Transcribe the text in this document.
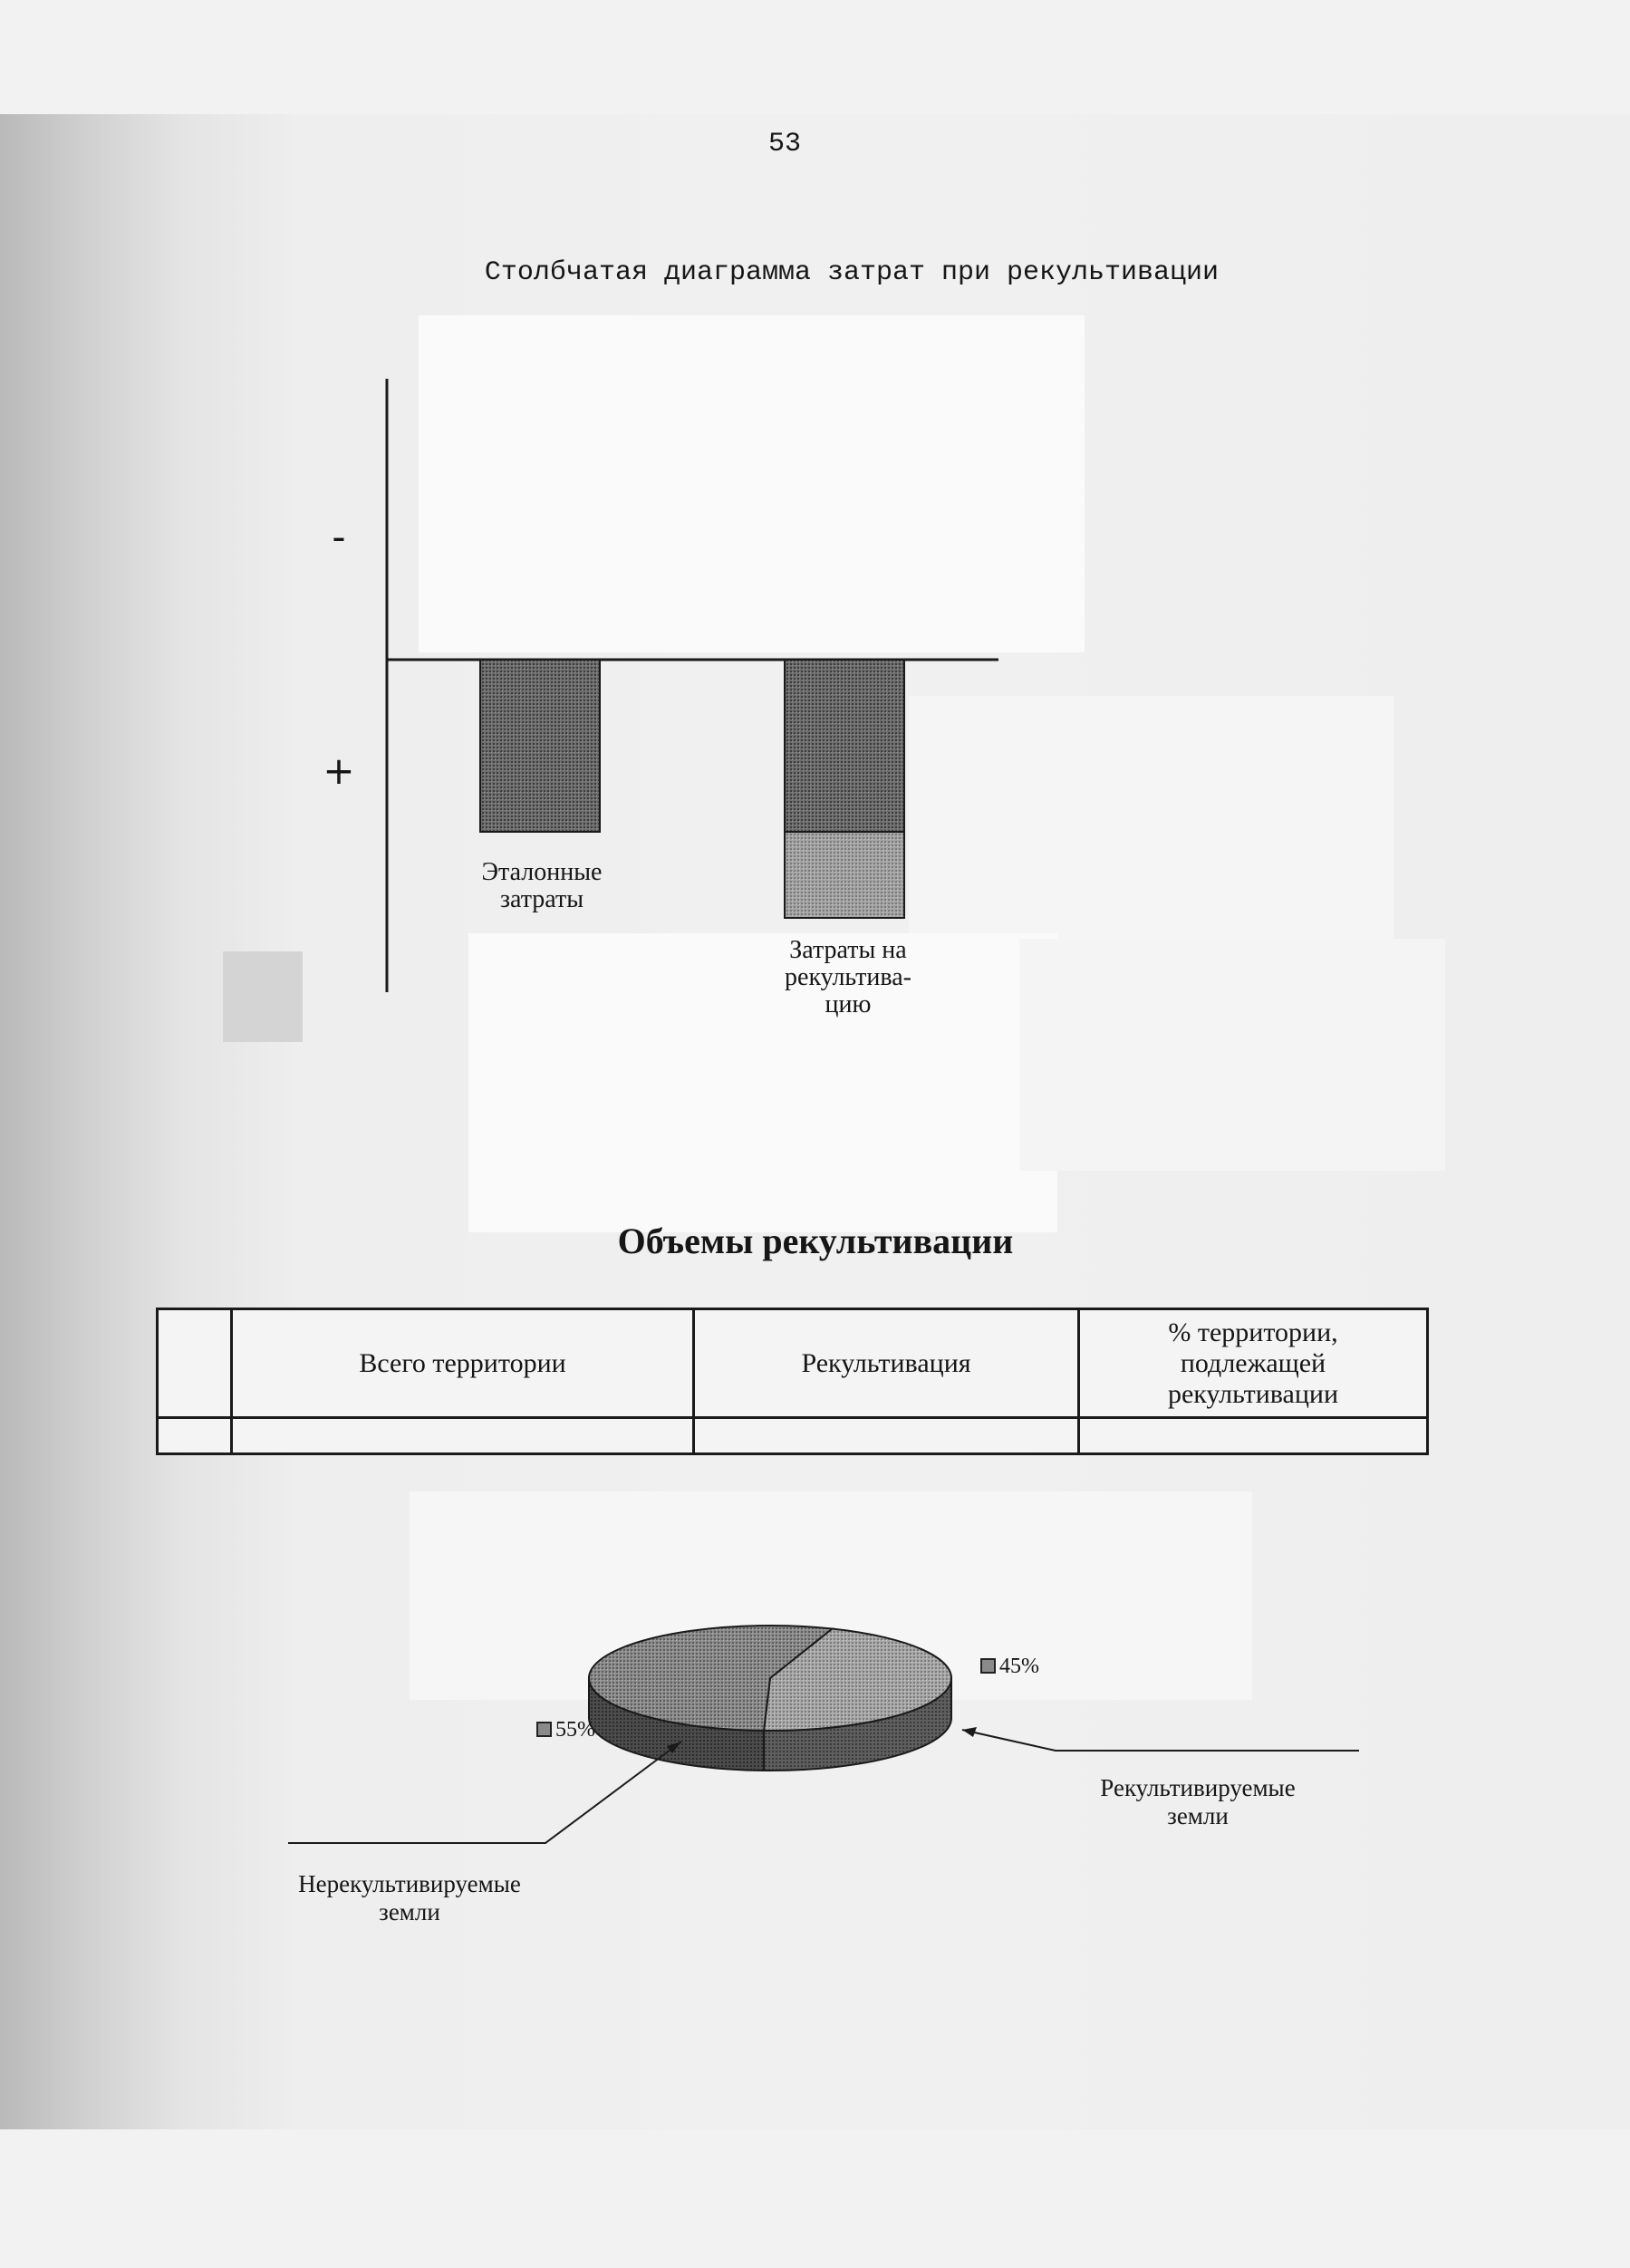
53
Столбчатая диаграмма затрат при рекультивации
-
+
Эталонные
затраты
Затраты на
рекультива-
цию
Объемы рекультивации
	Всего территории	Рекультивация	% территории, подлежащей рекультивации

45%
55%
Рекультивируемые
земли
Нерекультивируемые
земли
